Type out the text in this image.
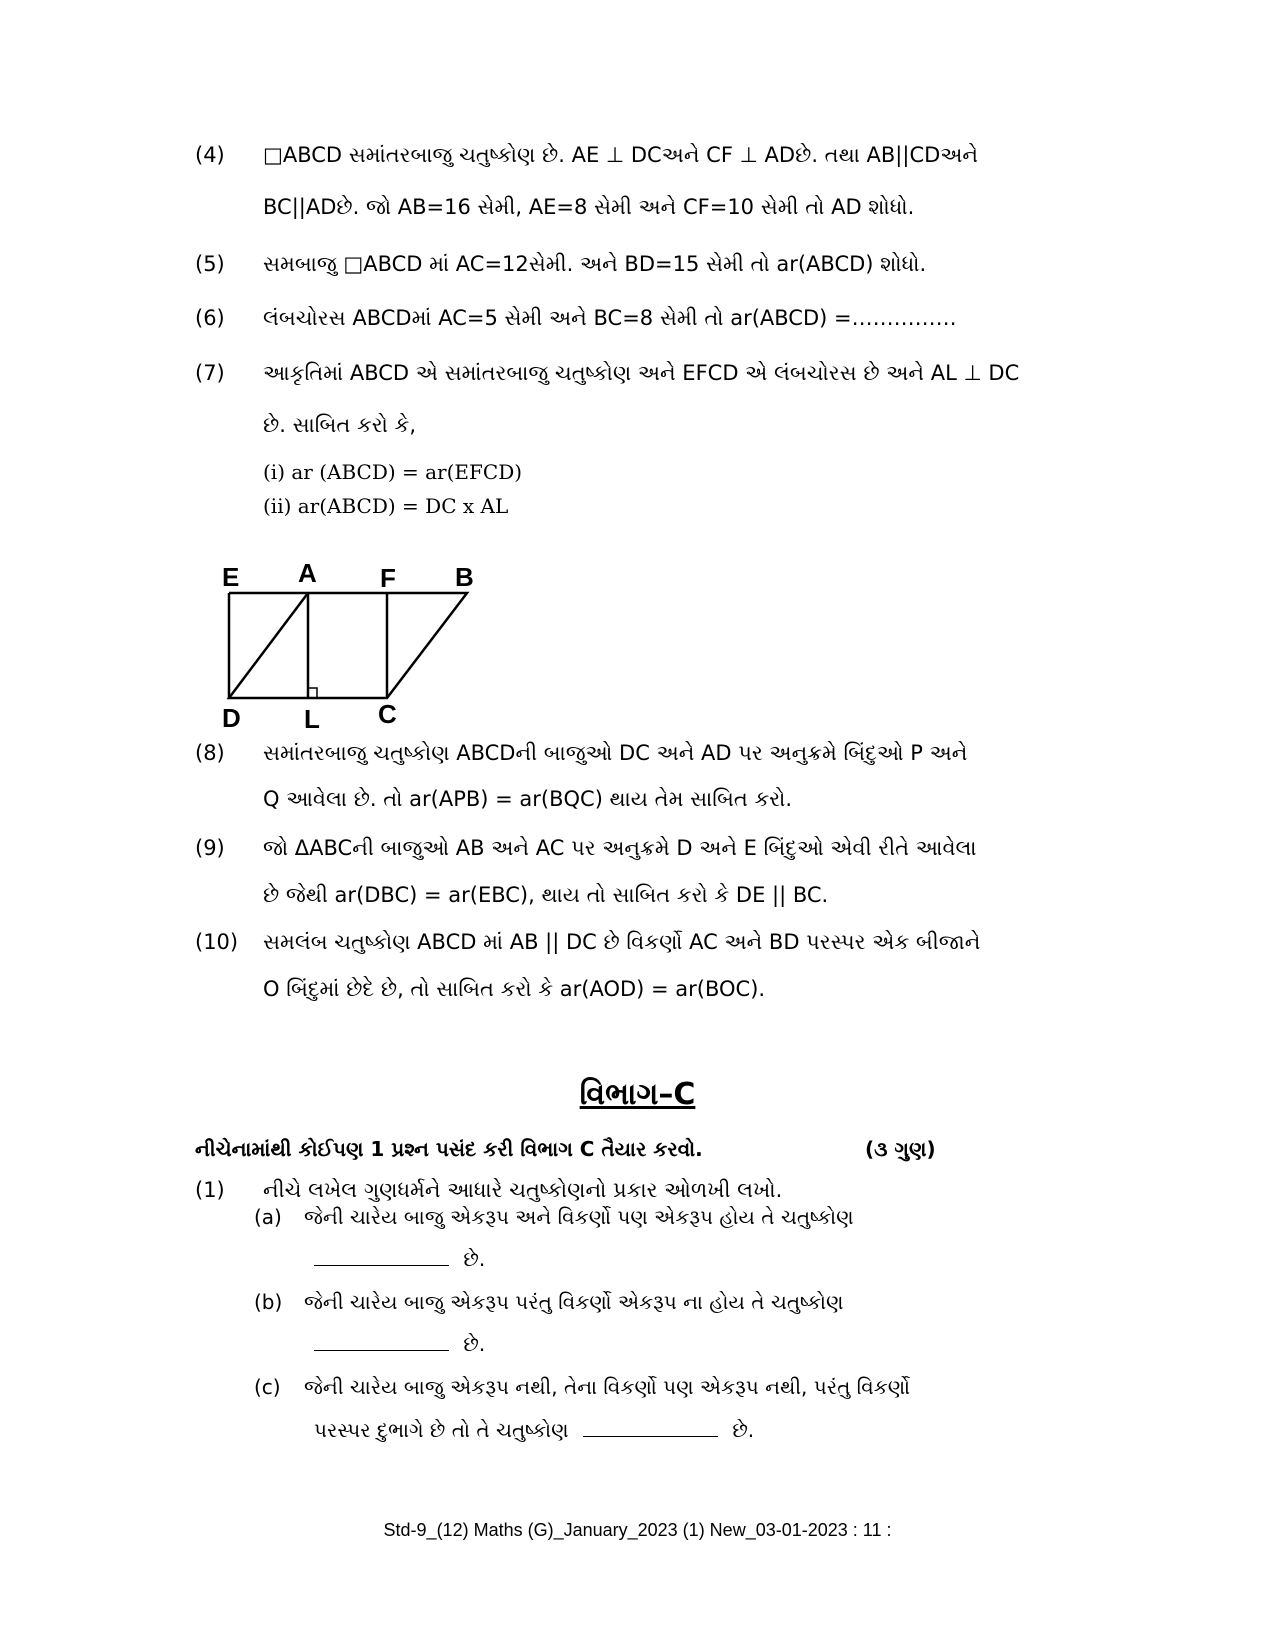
(4)	□ABCD સમાંતરબાજુ ચતુષ્કોણ છે. AE ⊥ DCઅને CF ⊥ ADછે. તથા AB||CDઅને
BC||ADછે. જો AB=16 સેમી, AE=8 સેમી અને CF=10 સેમી તો AD શોધો.
(5)	સમબાજુ □ABCD માં AC=12સેમી. અને BD=15 સેમી તો ar(ABCD) શોધો.
(6)	લંબચોરસ ABCDમાં AC=5 સેમી અને BC=8 સેમી તો ar(ABCD) =……………
(7)	આકૃતિમાં ABCD એ સમાંતરબાજુ ચતુષ્કોણ અને EFCD એ લંબચોરસ છે અને AL ⊥ DC
છે. સાબિત કરો કે,
(i) ar (ABCD) = ar(EFCD)
(ii) ar(ABCD) = DC x AL
E A F B
D L C
(8)	સમાંતરબાજુ ચતુષ્કોણ ABCDની બાજુઓ DC અને AD પર અનુક્રમે બિંદુઓ P અને
Q આવેલા છે. તો ar(APB) = ar(BQC) થાય તેમ સાબિત કરો.
(9)	જો ΔABCની બાજુઓ AB અને AC પર અનુક્રમે D અને E બિંદુઓ એવી રીતે આવેલા
છે જેથી ar(DBC) = ar(EBC), થાય તો સાબિત કરો કે DE || BC.
(10)	સમલંબ ચતુષ્કોણ ABCD માં AB || DC છે વિકર્ણો AC અને BD પરસ્પર એક બીજાને
O બિંદુમાં છેદે છે, તો સાબિત કરો કે ar(AOD) = ar(BOC).
વિભાગ–C
નીચેનામાંથી કોઈપણ 1 પ્રશ્ન પસંદ કરી વિભાગ C તૈયાર કરવો.	(૩ ગુણ)
(1)	નીચે લખેલ ગુણધર્મને આધારે ચતુષ્કોણનો પ્રકાર ઓળખી લખો.
(a) જેની ચારેય બાજુ એકરૂપ અને વિકર્ણો પણ એકરૂપ હોય તે ચતુષ્કોણ
છે.
(b) જેની ચારેય બાજુ એકરૂપ પરંતુ વિકર્ણો એકરૂપ ના હોય તે ચતુષ્કોણ
છે.
(c) જેની ચારેય બાજુ એકરૂપ નથી, તેના વિકર્ણો પણ એકરૂપ નથી, પરંતુ વિકર્ણો
પરસ્પર દુભાગે છે તો તે ચતુષ્કોણ	છે.
Std-9_(12) Maths (G)_January_2023 (1) New_03-01-2023 : 11 :
